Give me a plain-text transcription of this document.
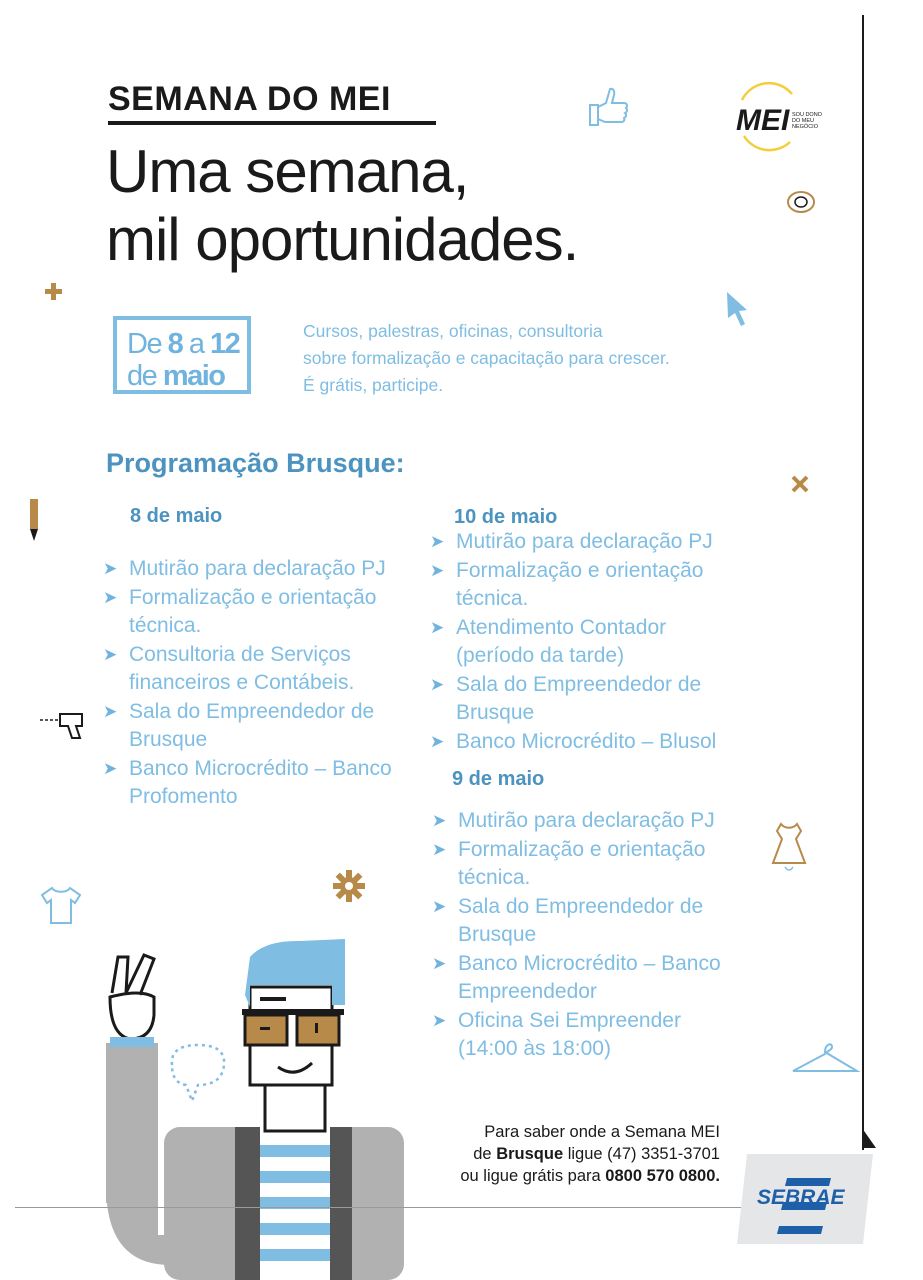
SEMANA DO MEI
Uma semana,
mil oportunidades.
MEI SOU DONO
DO MEU
NEGÓCIO
De 8 a 12
de maio
Cursos, palestras, oficinas, consultoria
sobre formalização e capacitação para crescer.
É grátis, participe.
Programação Brusque:
8 de maio
➤ Mutirão para declaração PJ
➤ Formalização e orientação
técnica.
➤ Consultoria de Serviços
financeiros e Contábeis.
➤ Sala do Empreendedor de
Brusque
➤ Banco Microcrédito – Banco
Profomento
10 de maio
➤ Mutirão para declaração PJ
➤ Formalização e orientação
técnica.
➤ Atendimento Contador
(período da tarde)
➤ Sala do Empreendedor de
Brusque
➤ Banco Microcrédito – Blusol
9 de maio
➤ Mutirão para declaração PJ
➤ Formalização e orientação
técnica.
➤ Sala do Empreendedor de
Brusque
➤ Banco Microcrédito – Banco
Empreendedor
➤ Oficina Sei Empreender
(14:00 às 18:00)
Para saber onde a Semana MEI
de Brusque ligue (47) 3351-3701
ou ligue grátis para 0800 570 0800.
SEBRAE
